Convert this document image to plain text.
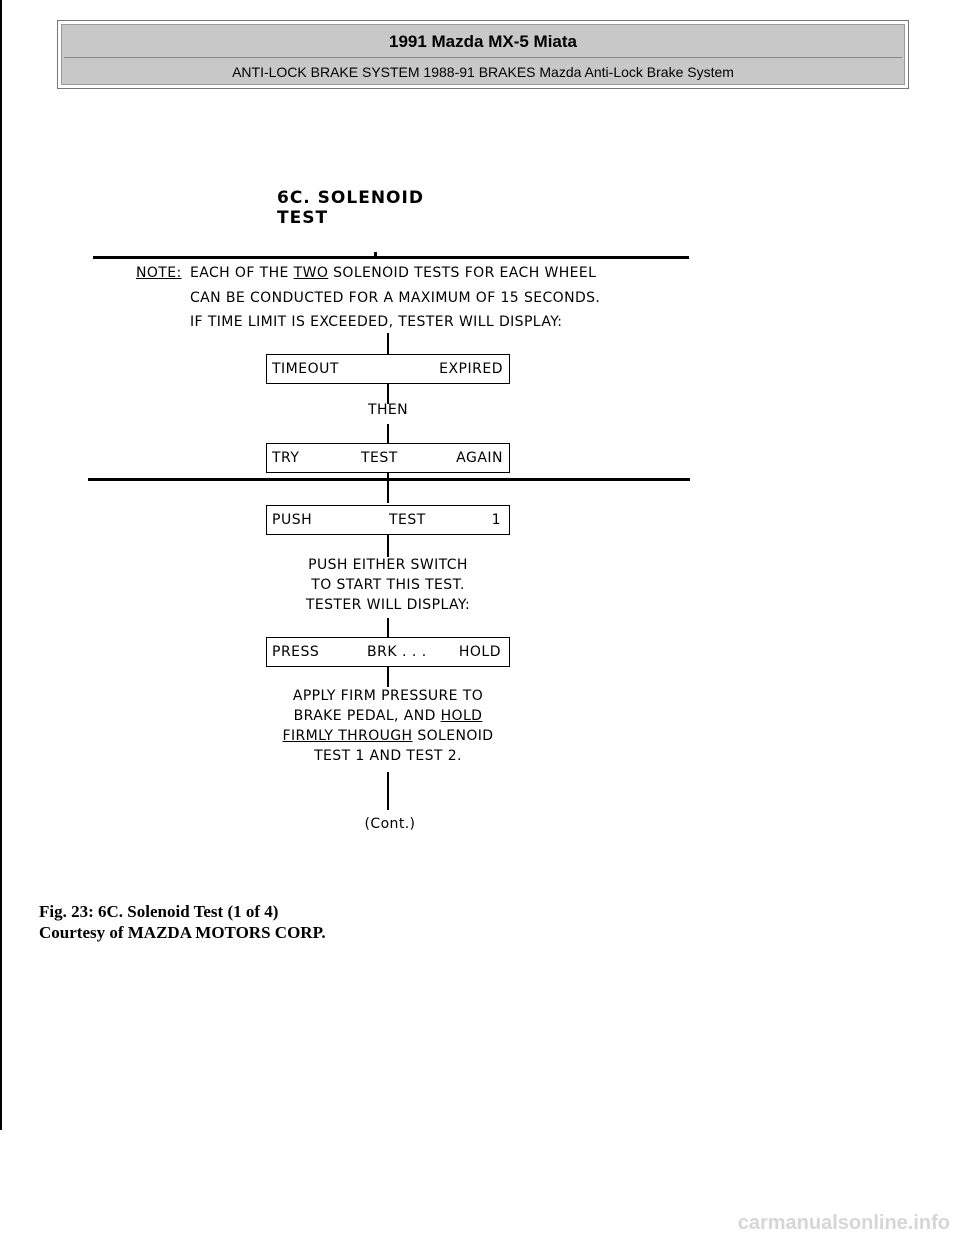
1991 Mazda MX-5 Miata
ANTI-LOCK BRAKE SYSTEM 1988-91 BRAKES Mazda Anti-Lock Brake System
6C. SOLENOID TEST
NOTE: EACH OF THE TWO SOLENOID TESTS FOR EACH WHEEL
CAN BE CONDUCTED FOR A MAXIMUM OF 15 SECONDS.
IF TIME LIMIT IS EXCEEDED, TESTER WILL DISPLAY:
TIMEOUT	EXPIRED
THEN
TRY	TEST	AGAIN
PUSH	TEST	1
PUSH EITHER SWITCH
TO START THIS TEST.
TESTER WILL DISPLAY:
PRESS	BRK . . . HOLD
APPLY FIRM PRESSURE TO
BRAKE PEDAL, AND HOLD
FIRMLY THROUGH SOLENOID
TEST 1 AND TEST 2.
(Cont.)
Fig. 23: 6C. Solenoid Test (1 of 4)
Courtesy of MAZDA MOTORS CORP.
carmanualsonline.info
